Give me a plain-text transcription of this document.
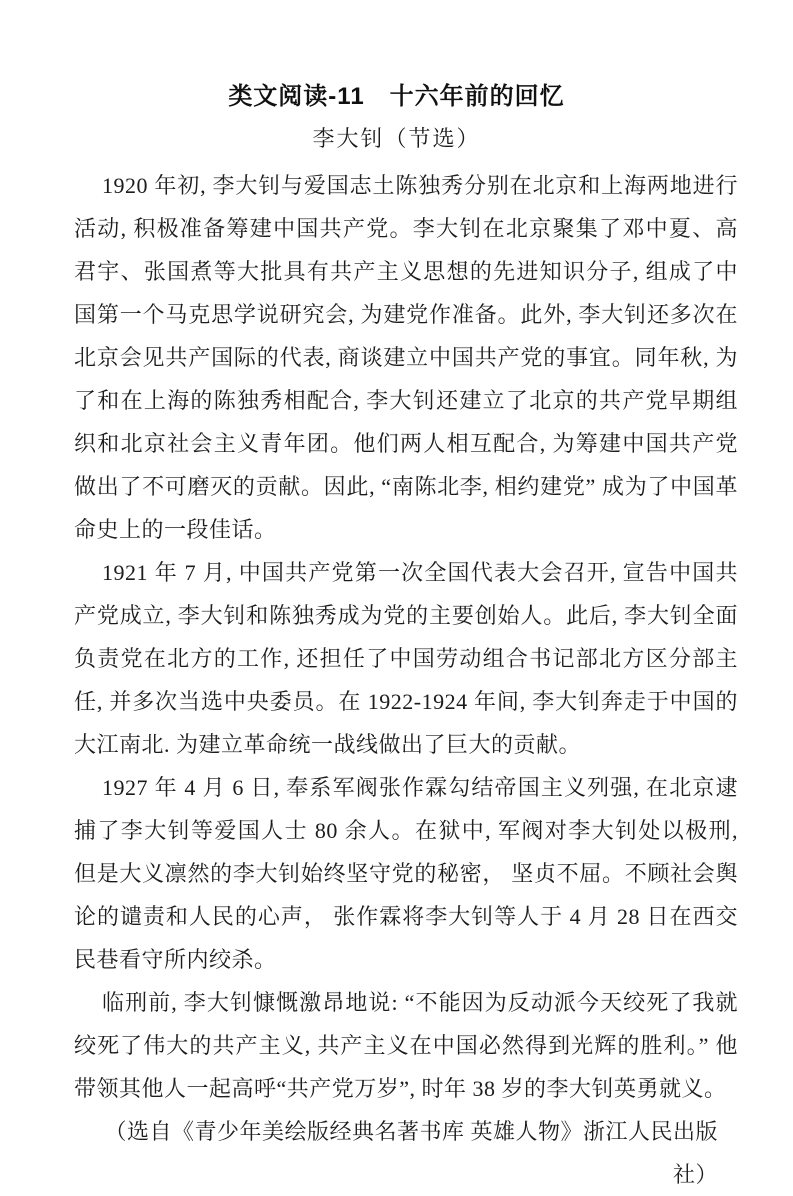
类文阅读-11　十六年前的回忆
李大钊（节选）

1920 年初, 李大钊与爱国志土陈独秀分别在北京和上海两地进行活动, 积极准备筹建中国共产党。李大钊在北京聚集了邓中夏、高君宇、张国煮等大批具有共产主义思想的先进知识分子, 组成了中国第一个马克思学说研究会, 为建党作准备。此外, 李大钊还多次在北京会见共产国际的代表, 商谈建立中国共产党的事宜。同年秋, 为了和在上海的陈独秀相配合, 李大钊还建立了北京的共产党早期组织和北京社会主义青年团。他们两人相互配合, 为筹建中国共产党做出了不可磨灭的贡献。因此, “南陈北李, 相约建党” 成为了中国革命史上的一段佳话。

1921 年 7 月, 中国共产党第一次全国代表大会召开, 宣告中国共产党成立, 李大钊和陈独秀成为党的主要创始人。此后, 李大钊全面负责党在北方的工作, 还担任了中国劳动组合书记部北方区分部主任, 并多次当选中央委员。在 1922-1924 年间, 李大钊奔走于中国的大江南北. 为建立革命统一战线做出了巨大的贡献。

1927 年 4 月 6 日, 奉系军阀张作霖勾结帝国主义列强, 在北京逮捕了李大钊等爱国人士 80 余人。在狱中, 军阀对李大钊处以极刑, 但是大义凛然的李大钊始终坚守党的秘密， 坚贞不屈。不顾社会舆论的谴责和人民的心声， 张作霖将李大钊等人于 4 月 28 日在西交民巷看守所内绞杀。

临刑前, 李大钊慷慨激昂地说: “不能因为反动派今天绞死了我就绞死了伟大的共产主义, 共产主义在中国必然得到光辉的胜利。” 他带领其他人一起高呼“共产党万岁”, 时年 38 岁的李大钊英勇就义。

（选自《青少年美绘版经典名著书库 英雄人物》浙江人民出版社）
